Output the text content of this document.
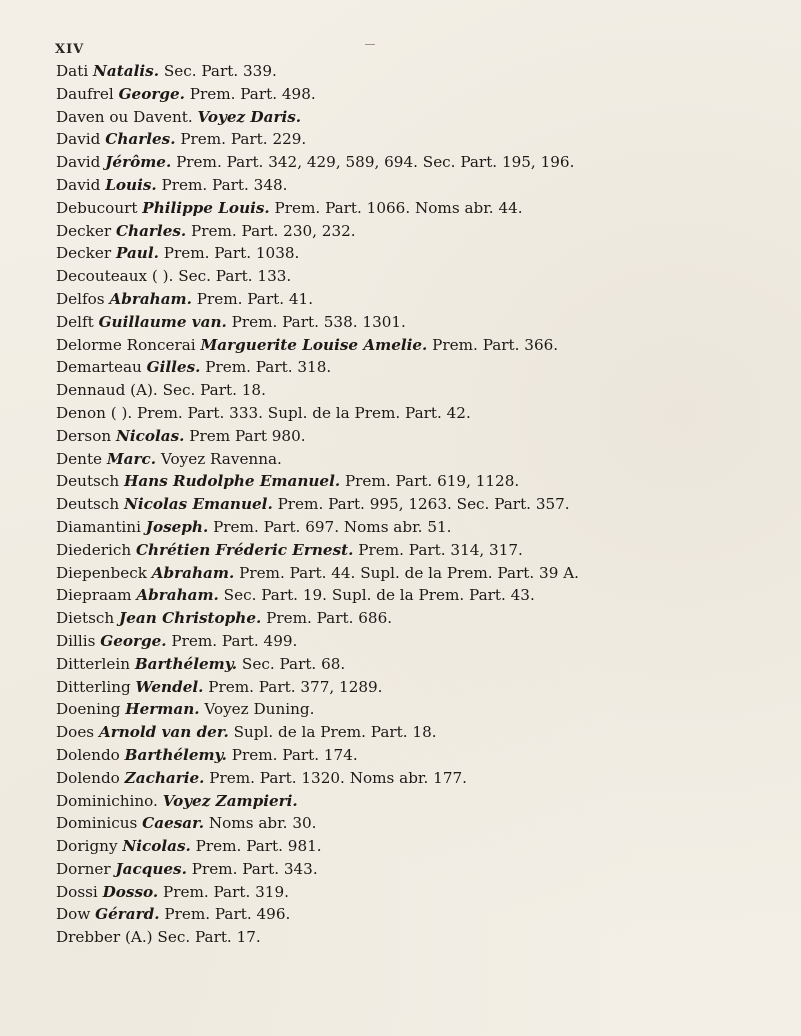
XIV
Dati Natalis. Sec. Part. 339.
Daufrel George. Prem. Part. 498.
Daven ou Davent. Voyez Daris.
David Charles. Prem. Part. 229.
David Jérôme. Prem. Part. 342, 429, 589, 694. Sec. Part. 195, 196.
David Louis. Prem. Part. 348.
Debucourt Philippe Louis. Prem. Part. 1066. Noms abr. 44.
Decker Charles. Prem. Part. 230, 232.
Decker Paul. Prem. Part. 1038.
Decouteaux ( ). Sec. Part. 133.
Delfos Abraham. Prem. Part. 41.
Delft Guillaume van. Prem. Part. 538. 1301.
Delorme Roncerai Marguerite Louise Amelie. Prem. Part. 366.
Demarteau Gilles. Prem. Part. 318.
Dennaud (A). Sec. Part. 18.
Denon ( ). Prem. Part. 333. Supl. de la Prem. Part. 42.
Derson Nicolas. Prem Part 980.
Dente Marc. Voyez Ravenna.
Deutsch Hans Rudolphe Emanuel. Prem. Part. 619, 1128.
Deutsch Nicolas Emanuel. Prem. Part. 995, 1263. Sec. Part. 357.
Diamantini Joseph. Prem. Part. 697. Noms abr. 51.
Diederich Chrétien Fréderic Ernest. Prem. Part. 314, 317.
Diepenbeck Abraham. Prem. Part. 44. Supl. de la Prem. Part. 39 A.
Diepraam Abraham. Sec. Part. 19. Supl. de la Prem. Part. 43.
Dietsch Jean Christophe. Prem. Part. 686.
Dillis George. Prem. Part. 499.
Ditterlein Barthélemy. Sec. Part. 68.
Ditterling Wendel. Prem. Part. 377, 1289.
Doening Herman. Voyez Duning.
Does Arnold van der. Supl. de la Prem. Part. 18.
Dolendo Barthélemy. Prem. Part. 174.
Dolendo Zacharie. Prem. Part. 1320. Noms abr. 177.
Dominichino. Voyez Zampieri.
Dominicus Caesar. Noms abr. 30.
Dorigny Nicolas. Prem. Part. 981.
Dorner Jacques. Prem. Part. 343.
Dossi Dosso. Prem. Part. 319.
Dow Gérard. Prem. Part. 496.
Drebber (A.) Sec. Part. 17.
